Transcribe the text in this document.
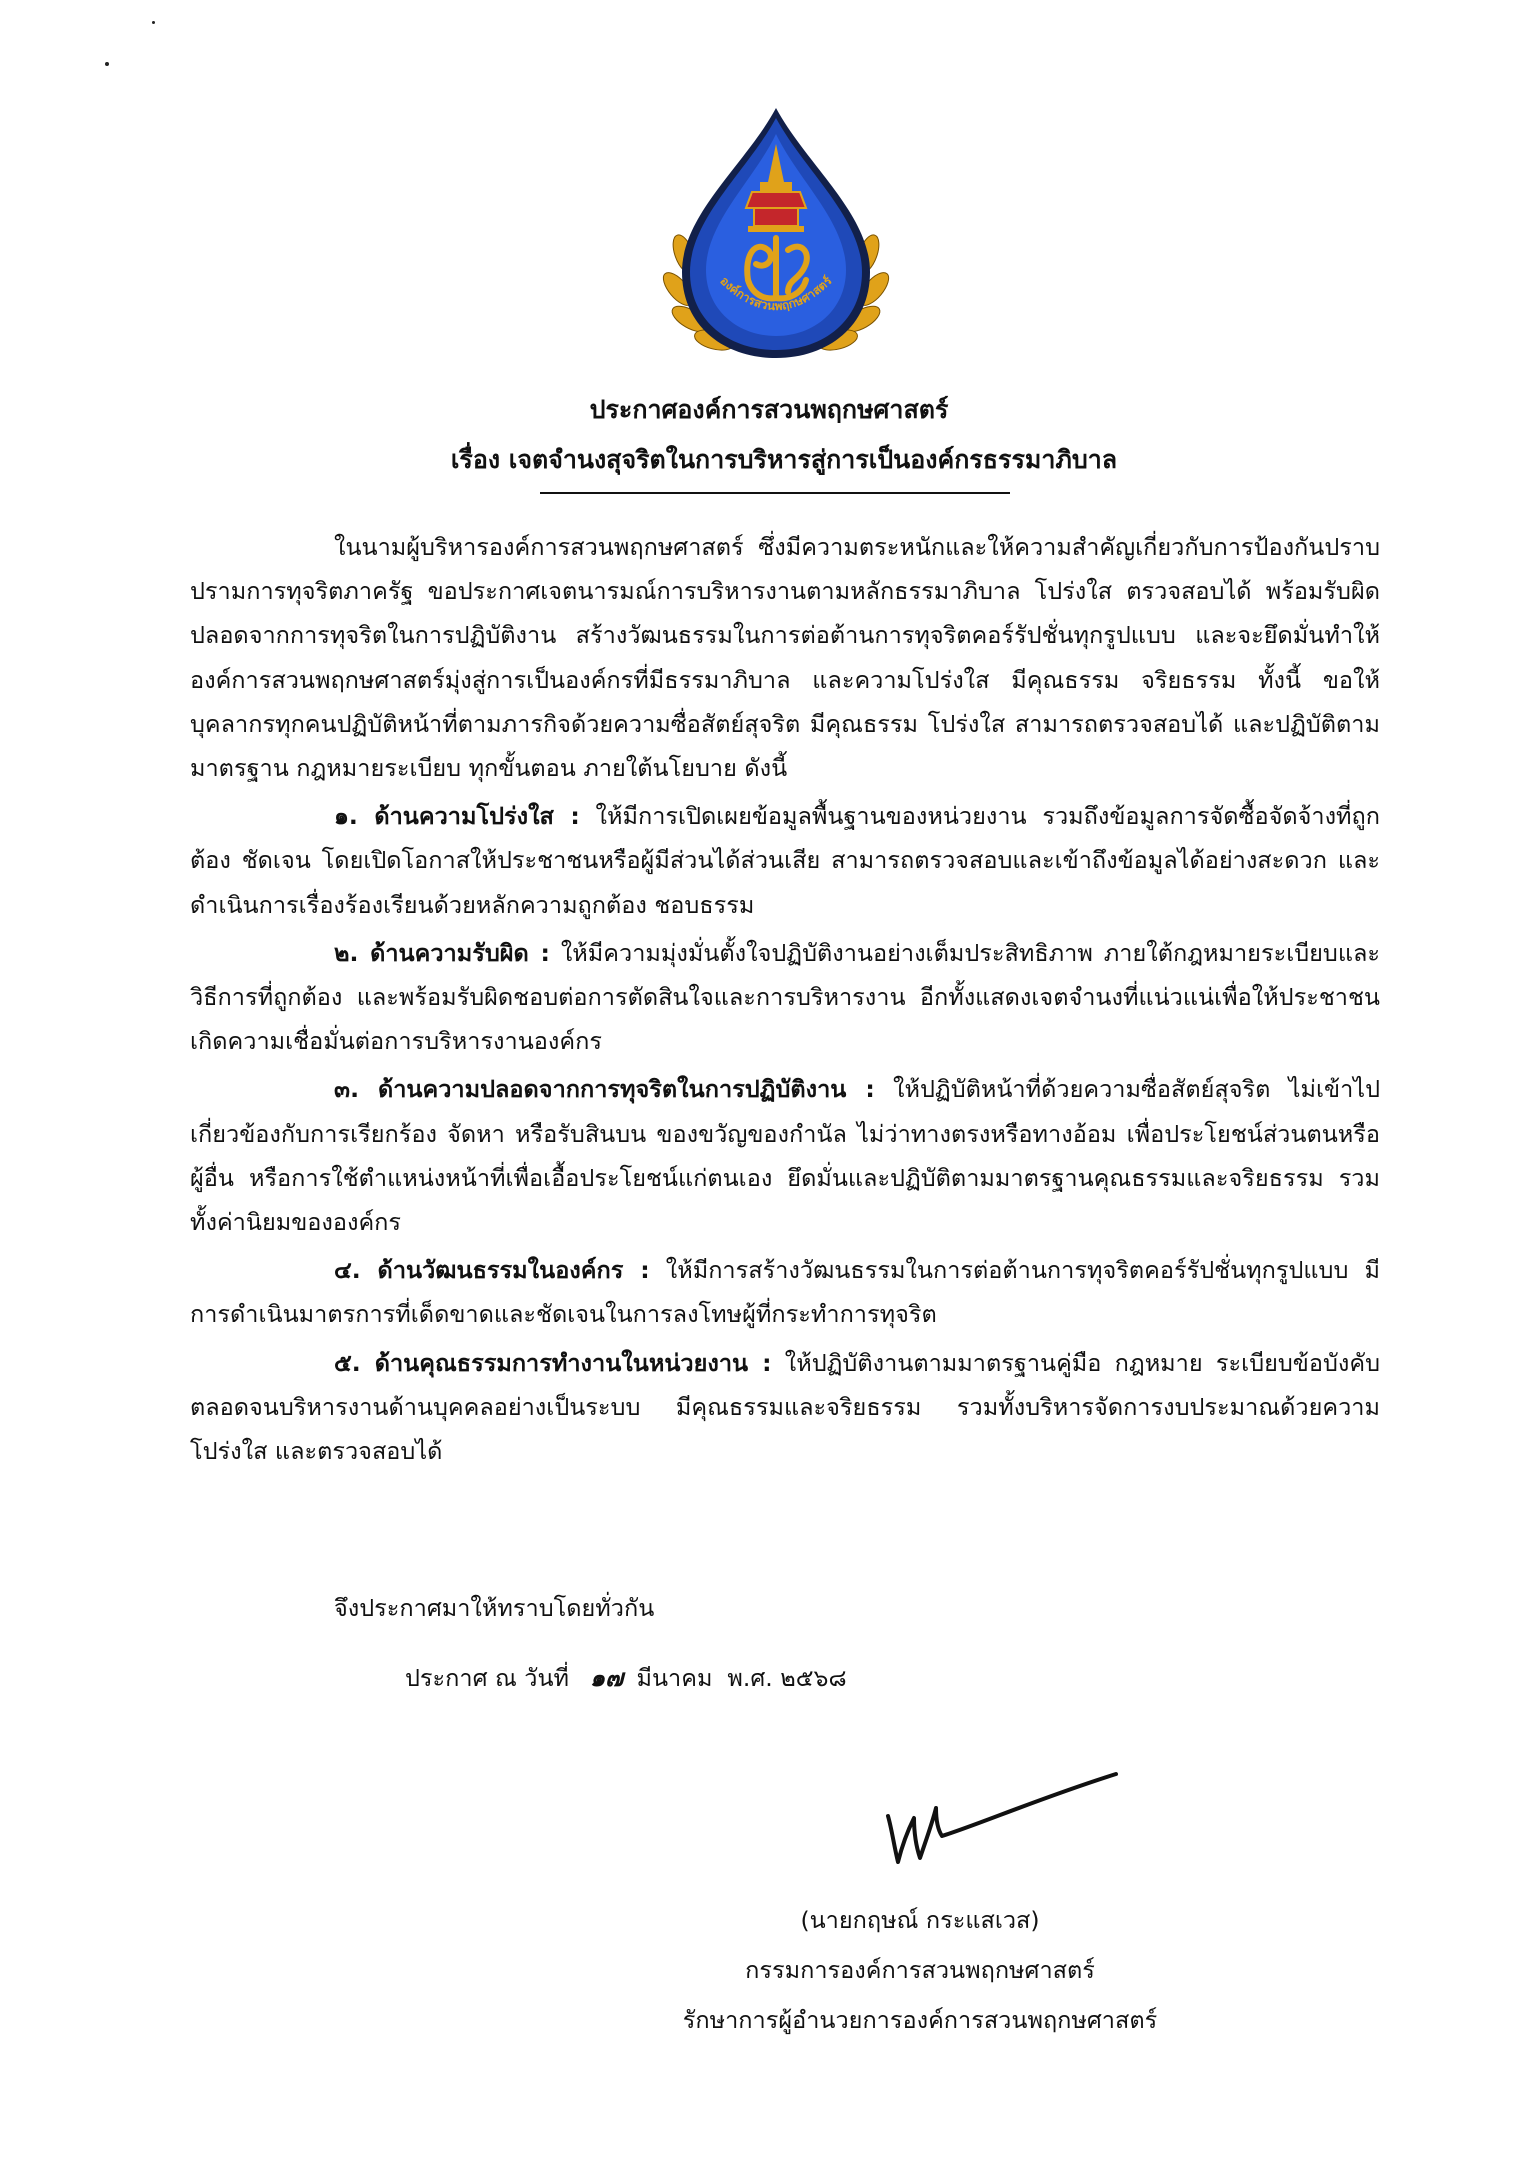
องค์การสวนพฤกษศาสตร์
ประกาศองค์การสวนพฤกษศาสตร์
เรื่อง เจตจำนงสุจริตในการบริหารสู่การเป็นองค์กรธรรมาภิบาล

ในนามผู้บริหารองค์การสวนพฤกษศาสตร์ ซึ่งมีความตระหนักและให้ความสำคัญเกี่ยวกับการป้องกันปราบปรามการทุจริตภาครัฐ ขอประกาศเจตนารมณ์การบริหารงานตามหลักธรรมาภิบาล โปร่งใส ตรวจสอบได้ พร้อมรับผิด ปลอดจากการทุจริตในการปฏิบัติงาน สร้างวัฒนธรรมในการต่อต้านการทุจริตคอร์รัปชั่นทุกรูปแบบ และจะยึดมั่นทำให้องค์การสวนพฤกษศาสตร์มุ่งสู่การเป็นองค์กรที่มีธรรมาภิบาล และความโปร่งใส มีคุณธรรม จริยธรรม ทั้งนี้ ขอให้บุคลากรทุกคนปฏิบัติหน้าที่ตามภารกิจด้วยความซื่อสัตย์สุจริต มีคุณธรรม โปร่งใส สามารถตรวจสอบได้ และปฏิบัติตามมาตรฐาน กฎหมายระเบียบ ทุกขั้นตอน ภายใต้นโยบาย ดังนี้

๑. ด้านความโปร่งใส : ให้มีการเปิดเผยข้อมูลพื้นฐานของหน่วยงาน รวมถึงข้อมูลการจัดซื้อจัดจ้างที่ถูกต้อง ชัดเจน โดยเปิดโอกาสให้ประชาชนหรือผู้มีส่วนได้ส่วนเสีย สามารถตรวจสอบและเข้าถึงข้อมูลได้อย่างสะดวก และดำเนินการเรื่องร้องเรียนด้วยหลักความถูกต้อง ชอบธรรม

๒. ด้านความรับผิด : ให้มีความมุ่งมั่นตั้งใจปฏิบัติงานอย่างเต็มประสิทธิภาพ ภายใต้กฎหมายระเบียบและวิธีการที่ถูกต้อง และพร้อมรับผิดชอบต่อการตัดสินใจและการบริหารงาน อีกทั้งแสดงเจตจำนงที่แน่วแน่เพื่อให้ประชาชนเกิดความเชื่อมั่นต่อการบริหารงานองค์กร

๓. ด้านความปลอดจากการทุจริตในการปฏิบัติงาน : ให้ปฏิบัติหน้าที่ด้วยความซื่อสัตย์สุจริต ไม่เข้าไปเกี่ยวข้องกับการเรียกร้อง จัดหา หรือรับสินบน ของขวัญของกำนัล ไม่ว่าทางตรงหรือทางอ้อม เพื่อประโยชน์ส่วนตนหรือผู้อื่น หรือการใช้ตำแหน่งหน้าที่เพื่อเอื้อประโยชน์แก่ตนเอง ยึดมั่นและปฏิบัติตามมาตรฐานคุณธรรมและจริยธรรม รวมทั้งค่านิยมขององค์กร

๔. ด้านวัฒนธรรมในองค์กร : ให้มีการสร้างวัฒนธรรมในการต่อต้านการทุจริตคอร์รัปชั่นทุกรูปแบบ มีการดำเนินมาตรการที่เด็ดขาดและชัดเจนในการลงโทษผู้ที่กระทำการทุจริต

๕. ด้านคุณธรรมการทำงานในหน่วยงาน : ให้ปฏิบัติงานตามมาตรฐานคู่มือ กฎหมาย ระเบียบข้อบังคับ ตลอดจนบริหารงานด้านบุคคลอย่างเป็นระบบ มีคุณธรรมและจริยธรรม รวมทั้งบริหารจัดการงบประมาณด้วยความโปร่งใส และตรวจสอบได้

จึงประกาศมาให้ทราบโดยทั่วกัน
ประกาศ ณ วันที่ ๑๗ มีนาคม พ.ศ. ๒๕๖๘
(นายกฤษณ์ กระแสเวส)
กรรมการองค์การสวนพฤกษศาสตร์
รักษาการผู้อำนวยการองค์การสวนพฤกษศาสตร์
